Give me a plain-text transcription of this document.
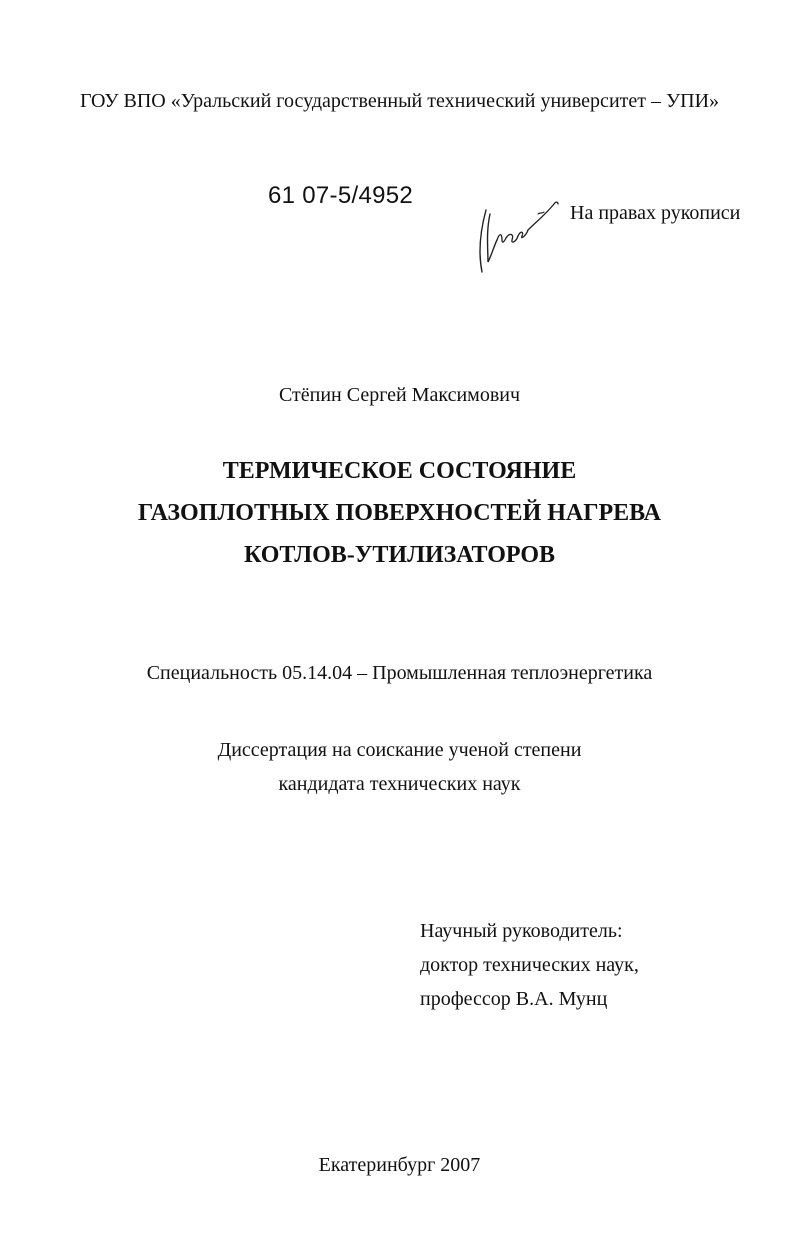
ГОУ ВПО «Уральский государственный технический университет – УПИ»
61 07-5/4952
На правах рукописи
Стёпин Сергей Максимович
ТЕРМИЧЕСКОЕ СОСТОЯНИЕ
ГАЗОПЛОТНЫХ ПОВЕРХНОСТЕЙ НАГРЕВА
КОТЛОВ-УТИЛИЗАТОРОВ
Специальность 05.14.04 – Промышленная теплоэнергетика
Диссертация на соискание ученой степени
кандидата технических наук
Научный руководитель:
доктор технических наук,
профессор В.А. Мунц
Екатеринбург 2007
